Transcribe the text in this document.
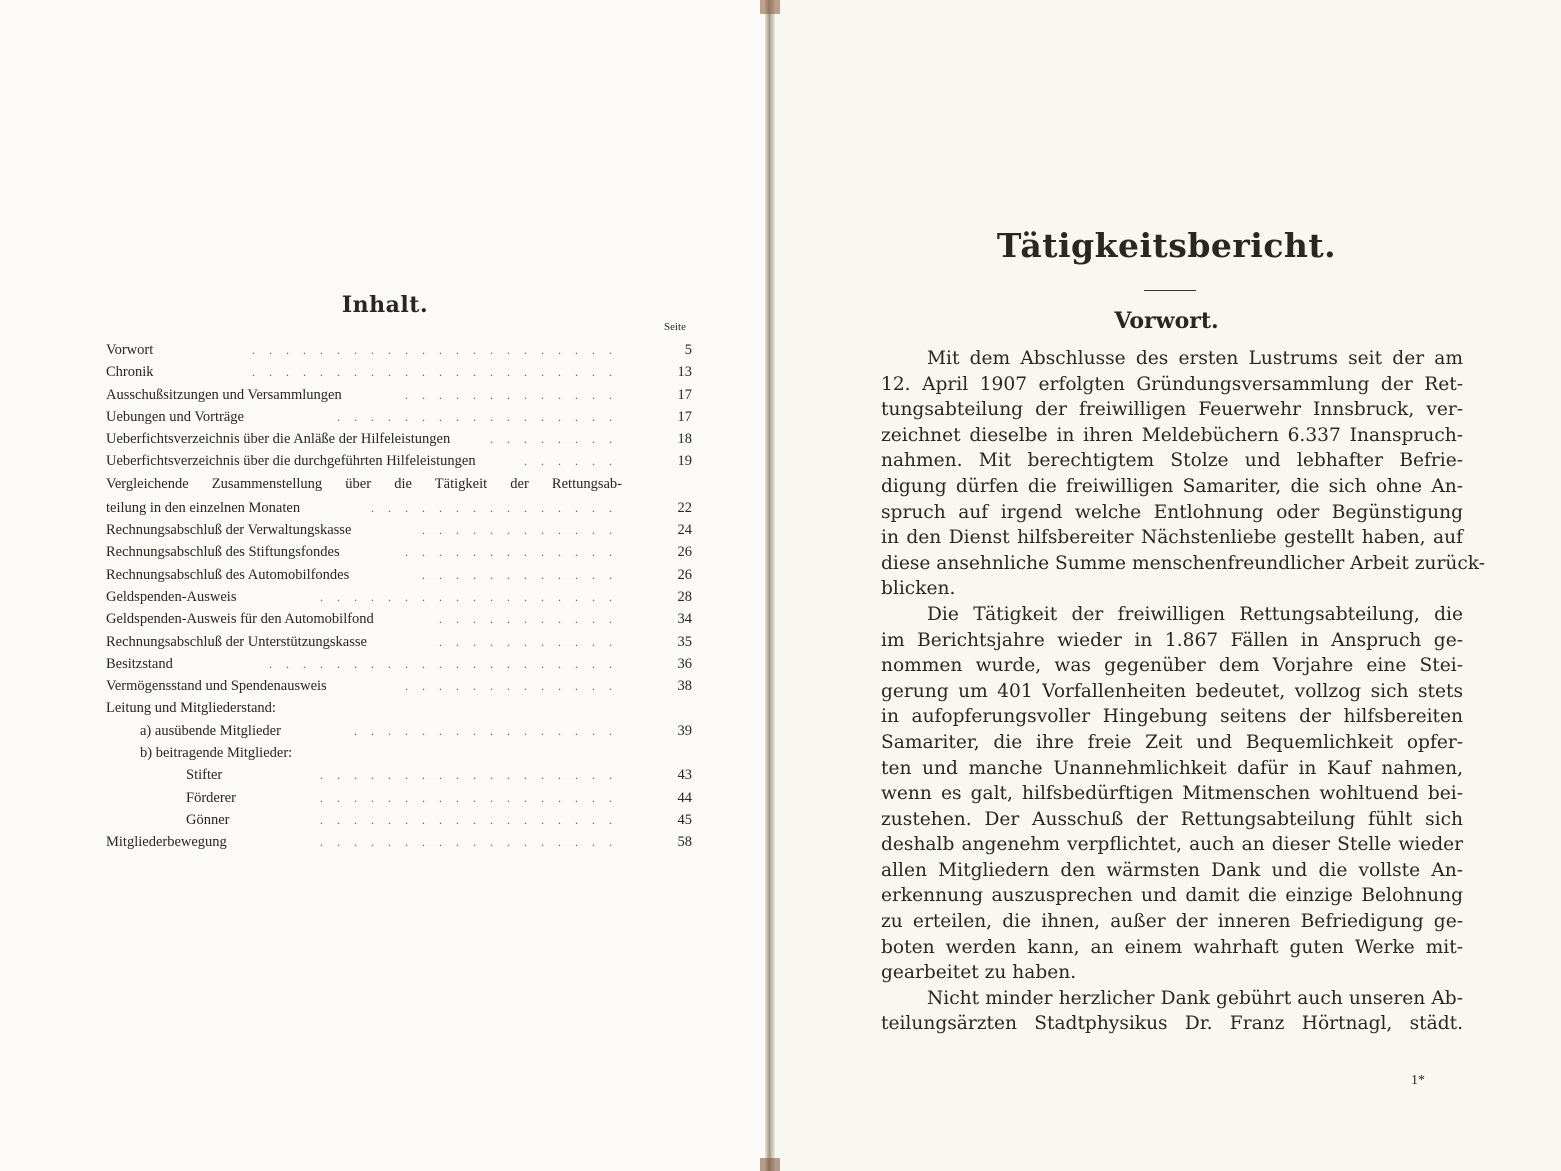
Inhalt.
Seite
Vorwort	5
......................
Chronik	13
......................
Ausschußsitzungen und Versammlungen	17
.............
Uebungen und Vorträge	17
.................
Ueberfichtsverzeichnis über die Anläße der Hilfeleistungen	18
........
Ueberfichtsverzeichnis über die durchgeführten Hilfeleistungen	19
......
Vergleichende Zusammenstellung über die Tätigkeit der Rettungsab-
teilung in den einzelnen Monaten	22
...............
Rechnungsabschluß der Verwaltungskasse	24
............
Rechnungsabschluß des Stiftungsfondes	26
.............
Rechnungsabschluß des Automobilfondes	26
............
Geldspenden-Ausweis	28
..................
Geldspenden-Ausweis für den Automobilfond	34
...........
Rechnungsabschluß der Unterstützungskasse	35
...........
Besitzstand	36
.....................
Vermögensstand und Spendenausweis	38
.............
Leitung und Mitgliederstand:
a) ausübende Mitglieder	39
................
b) beitragende Mitglieder:
Stifter	43
..................
Förderer	44
..................
Gönner	45
..................
Mitgliederbewegung	58
..................
Tätigkeitsbericht.
Vorwort.
Mit dem Abschlusse des ersten Lustrums seit der am
12. April 1907 erfolgten Gründungsversammlung der Ret-
tungsabteilung der freiwilligen Feuerwehr Innsbruck, ver-
zeichnet dieselbe in ihren Meldebüchern 6.337 Inanspruch-
nahmen. Mit berechtigtem Stolze und lebhafter Befrie-
digung dürfen die freiwilligen Samariter, die sich ohne An-
spruch auf irgend welche Entlohnung oder Begünstigung
in den Dienst hilfsbereiter Nächstenliebe gestellt haben, auf
diese ansehnliche Summe menschenfreundlicher Arbeit zurück-
blicken.
Die Tätigkeit der freiwilligen Rettungsabteilung, die
im Berichtsjahre wieder in 1.867 Fällen in Anspruch ge-
nommen wurde, was gegenüber dem Vorjahre eine Stei-
gerung um 401 Vorfallenheiten bedeutet, vollzog sich stets
in aufopferungsvoller Hingebung seitens der hilfsbereiten
Samariter, die ihre freie Zeit und Bequemlichkeit opfer-
ten und manche Unannehmlichkeit dafür in Kauf nahmen,
wenn es galt, hilfsbedürftigen Mitmenschen wohltuend bei-
zustehen. Der Ausschuß der Rettungsabteilung fühlt sich
deshalb angenehm verpflichtet, auch an dieser Stelle wieder
allen Mitgliedern den wärmsten Dank und die vollste An-
erkennung auszusprechen und damit die einzige Belohnung
zu erteilen, die ihnen, außer der inneren Befriedigung ge-
boten werden kann, an einem wahrhaft guten Werke mit-
gearbeitet zu haben.
Nicht minder herzlicher Dank gebührt auch unseren Ab-
teilungsärzten Stadtphysikus Dr. Franz Hörtnagl, städt.
1*
